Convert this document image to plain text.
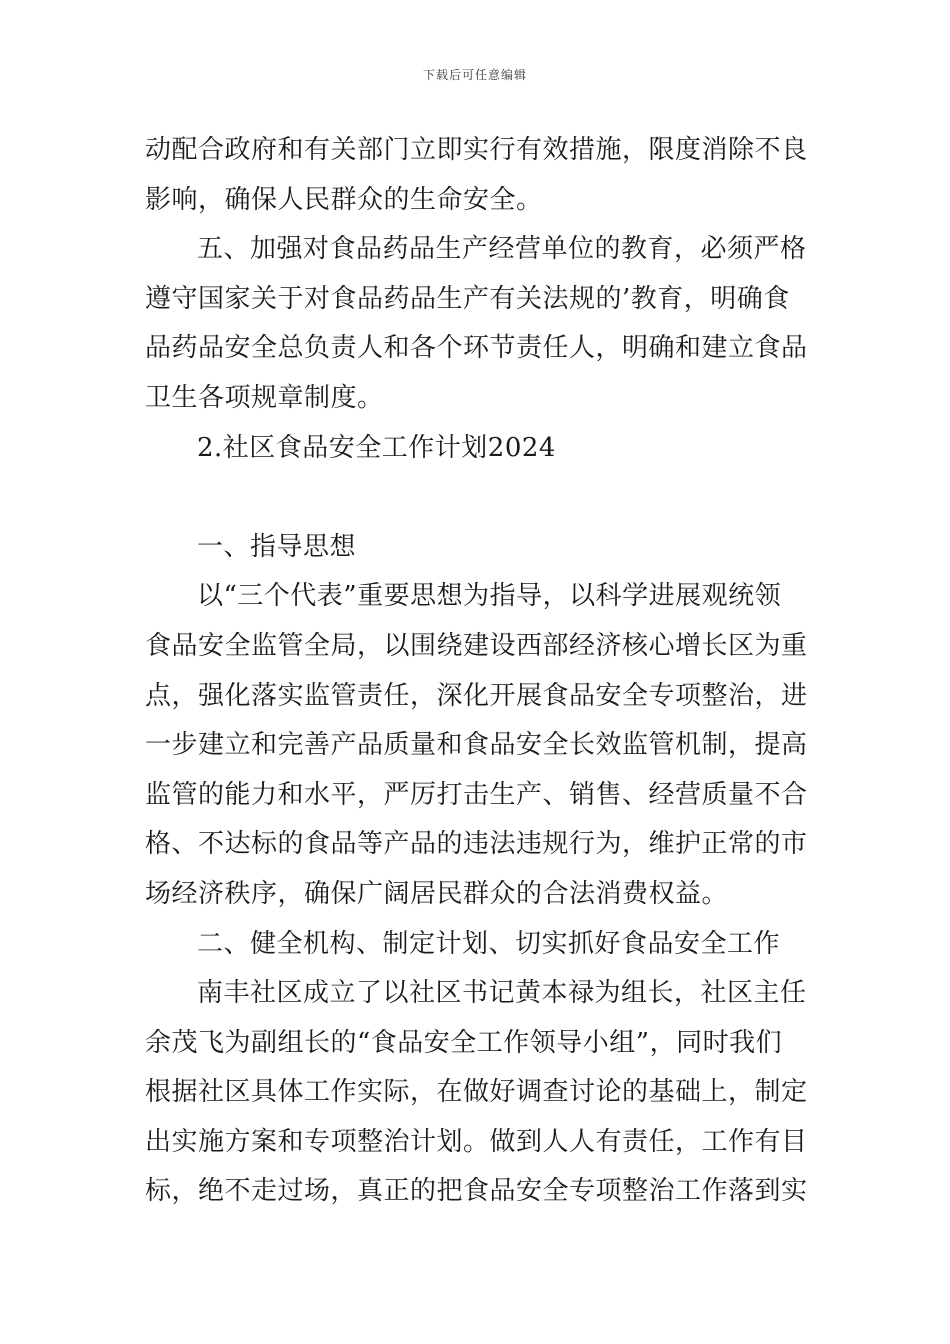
下载后可任意编辑
动配合政府和有关部门立即实行有效措施，限度消除不良
影响，确保人民群众的生命安全。
五、加强对食品药品生产经营单位的教育，必须严格
遵守国家关于对食品药品生产有关法规的’教育，明确食
品药品安全总负责人和各个环节责任人，明确和建立食品
卫生各项规章制度。
2.社区食品安全工作计划2024
一、指导思想
以“三个代表”重要思想为指导，以科学进展观统领
食品安全监管全局，以围绕建设西部经济核心增长区为重
点，强化落实监管责任，深化开展食品安全专项整治，进
一步建立和完善产品质量和食品安全长效监管机制，提高
监管的能力和水平，严厉打击生产、销售、经营质量不合
格、不达标的食品等产品的违法违规行为，维护正常的市
场经济秩序，确保广阔居民群众的合法消费权益。
二、健全机构、制定计划、切实抓好食品安全工作
南丰社区成立了以社区书记黄本禄为组长，社区主任
余茂飞为副组长的“食品安全工作领导小组”，同时我们
根据社区具体工作实际，在做好调查讨论的基础上，制定
出实施方案和专项整治计划。做到人人有责任，工作有目
标，绝不走过场，真正的把食品安全专项整治工作落到实
